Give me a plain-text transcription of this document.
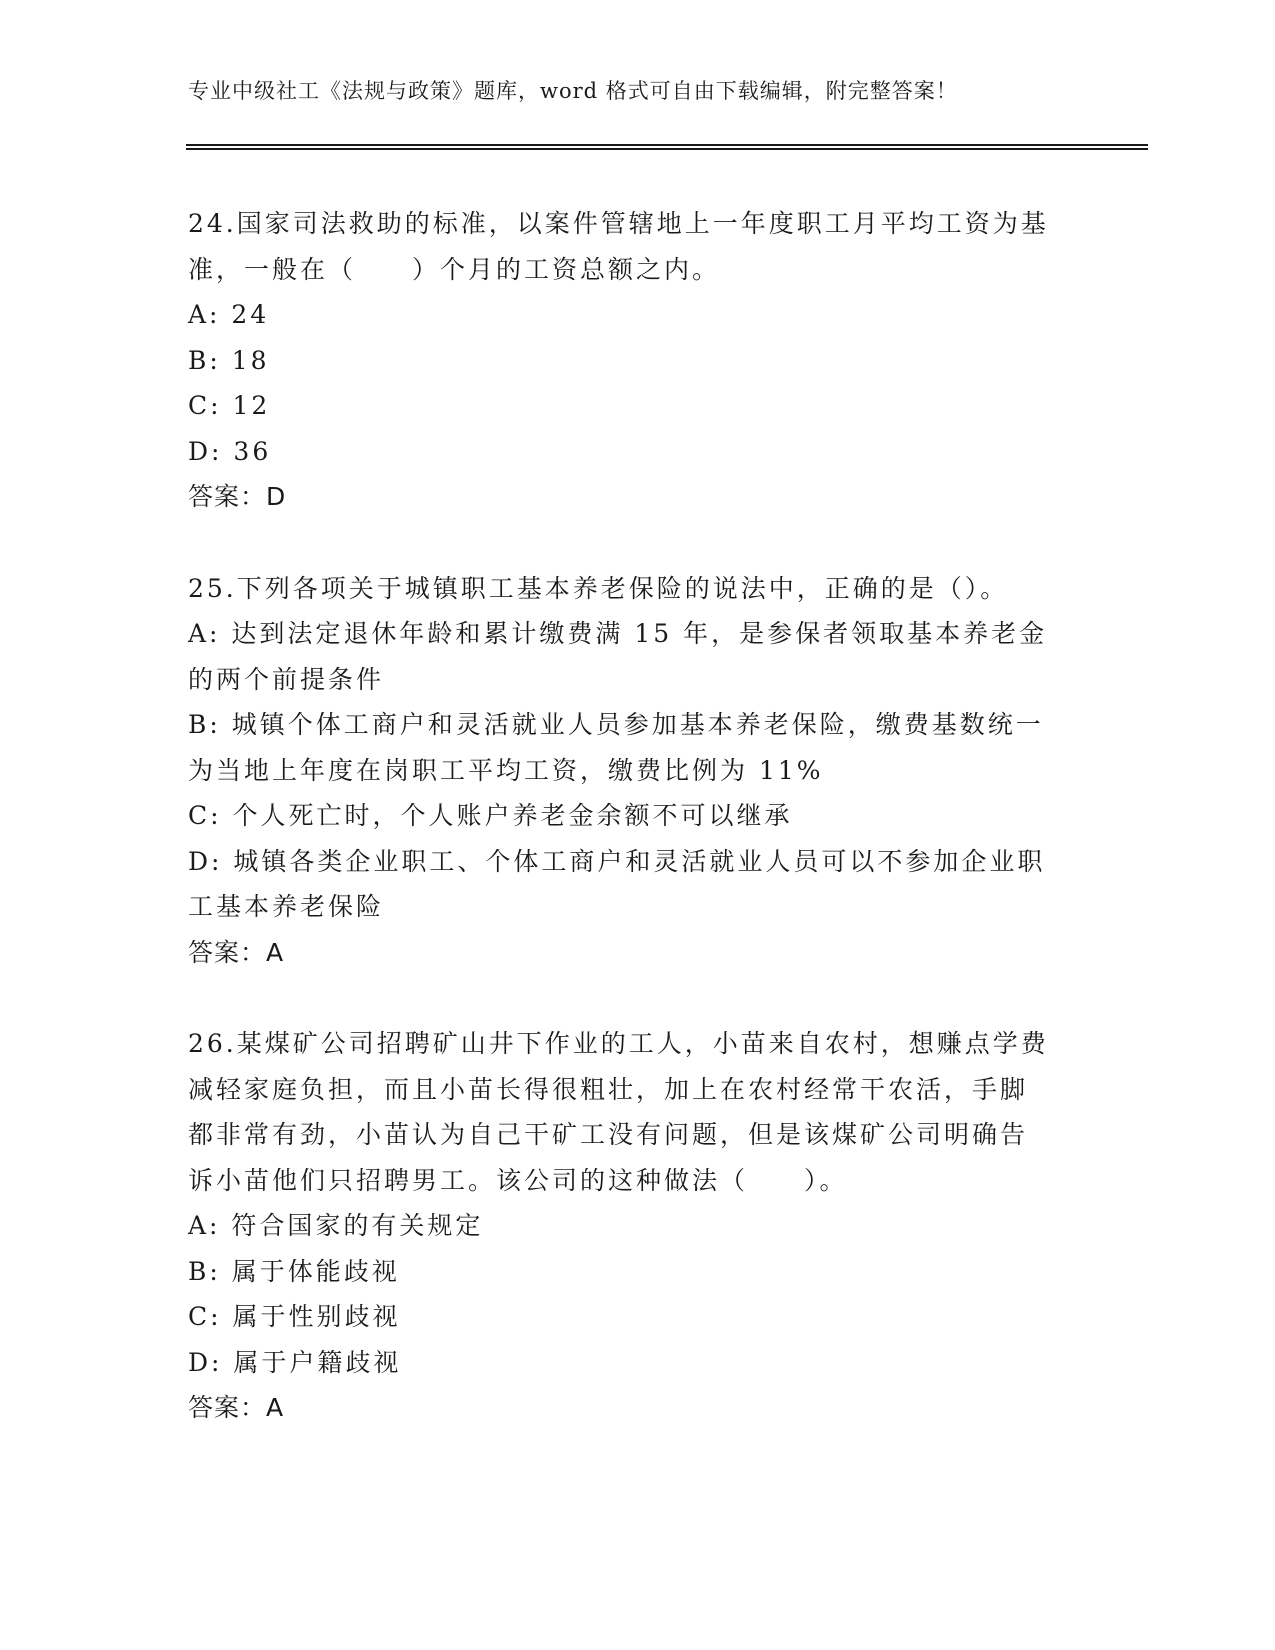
专业中级社工《法规与政策》题库，word 格式可自由下载编辑，附完整答案！
24.国家司法救助的标准，以案件管辖地上一年度职工月平均工资为基
准，一般在（　　）个月的工资总额之内。
A: 24
B: 18
C: 12
D: 36
答案：D
25.下列各项关于城镇职工基本养老保险的说法中，正确的是（）。
A: 达到法定退休年龄和累计缴费满 15 年，是参保者领取基本养老金
的两个前提条件
B: 城镇个体工商户和灵活就业人员参加基本养老保险，缴费基数统一
为当地上年度在岗职工平均工资，缴费比例为 11%
C: 个人死亡时，个人账户养老金余额不可以继承
D: 城镇各类企业职工、个体工商户和灵活就业人员可以不参加企业职
工基本养老保险
答案：A
26.某煤矿公司招聘矿山井下作业的工人，小苗来自农村，想赚点学费
减轻家庭负担，而且小苗长得很粗壮，加上在农村经常干农活，手脚
都非常有劲，小苗认为自己干矿工没有问题，但是该煤矿公司明确告
诉小苗他们只招聘男工。该公司的这种做法（　　）。
A: 符合国家的有关规定
B: 属于体能歧视
C: 属于性别歧视
D: 属于户籍歧视
答案：A
